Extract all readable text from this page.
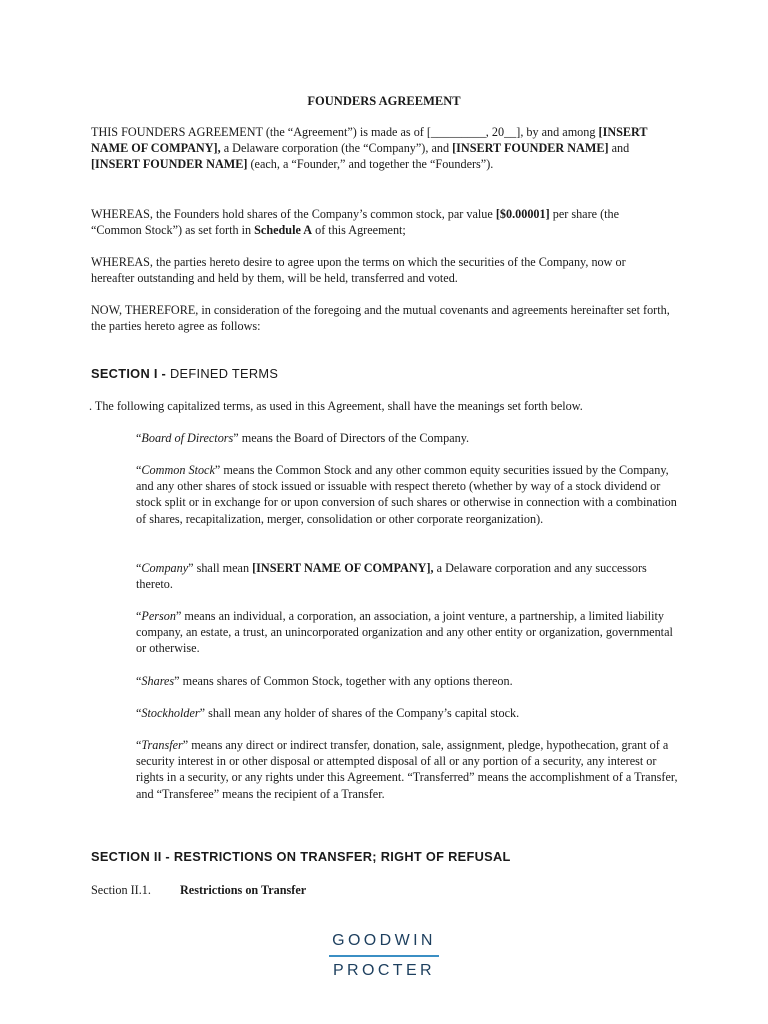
FOUNDERS AGREEMENT
THIS FOUNDERS AGREEMENT (the “Agreement”) is made as of [_________, 20__], by and among [INSERT NAME OF COMPANY], a Delaware corporation (the “Company”), and [INSERT FOUNDER NAME] and [INSERT FOUNDER NAME] (each, a “Founder,” and together the “Founders”).
WHEREAS, the Founders hold shares of the Company’s common stock, par value [$0.00001] per share (the “Common Stock”) as set forth in Schedule A of this Agreement;
WHEREAS, the parties hereto desire to agree upon the terms on which the securities of the Company, now or hereafter outstanding and held by them, will be held, transferred and voted.
NOW, THEREFORE, in consideration of the foregoing and the mutual covenants and agreements hereinafter set forth, the parties hereto agree as follows:
SECTION I - DEFINED TERMS
. The following capitalized terms, as used in this Agreement, shall have the meanings set forth below.
“Board of Directors” means the Board of Directors of the Company.
“Common Stock” means the Common Stock and any other common equity securities issued by the Company, and any other shares of stock issued or issuable with respect thereto (whether by way of a stock dividend or stock split or in exchange for or upon conversion of such shares or otherwise in connection with a combination of shares, recapitalization, merger, consolidation or other corporate reorganization).
“Company” shall mean [INSERT NAME OF COMPANY], a Delaware corporation and any successors thereto.
“Person” means an individual, a corporation, an association, a joint venture, a partnership, a limited liability company, an estate, a trust, an unincorporated organization and any other entity or organization, governmental or otherwise.
“Shares” means shares of Common Stock, together with any options thereon.
“Stockholder” shall mean any holder of shares of the Company’s capital stock.
“Transfer” means any direct or indirect transfer, donation, sale, assignment, pledge, hypothecation, grant of a security interest in or other disposal or attempted disposal of all or any portion of a security, any interest or rights in a security, or any rights under this Agreement. “Transferred” means the accomplishment of a Transfer, and “Transferee” means the recipient of a Transfer.
SECTION II - RESTRICTIONS ON TRANSFER; RIGHT OF REFUSAL
Section II.1. Restrictions on Transfer
GOODWIN
PROCTER
